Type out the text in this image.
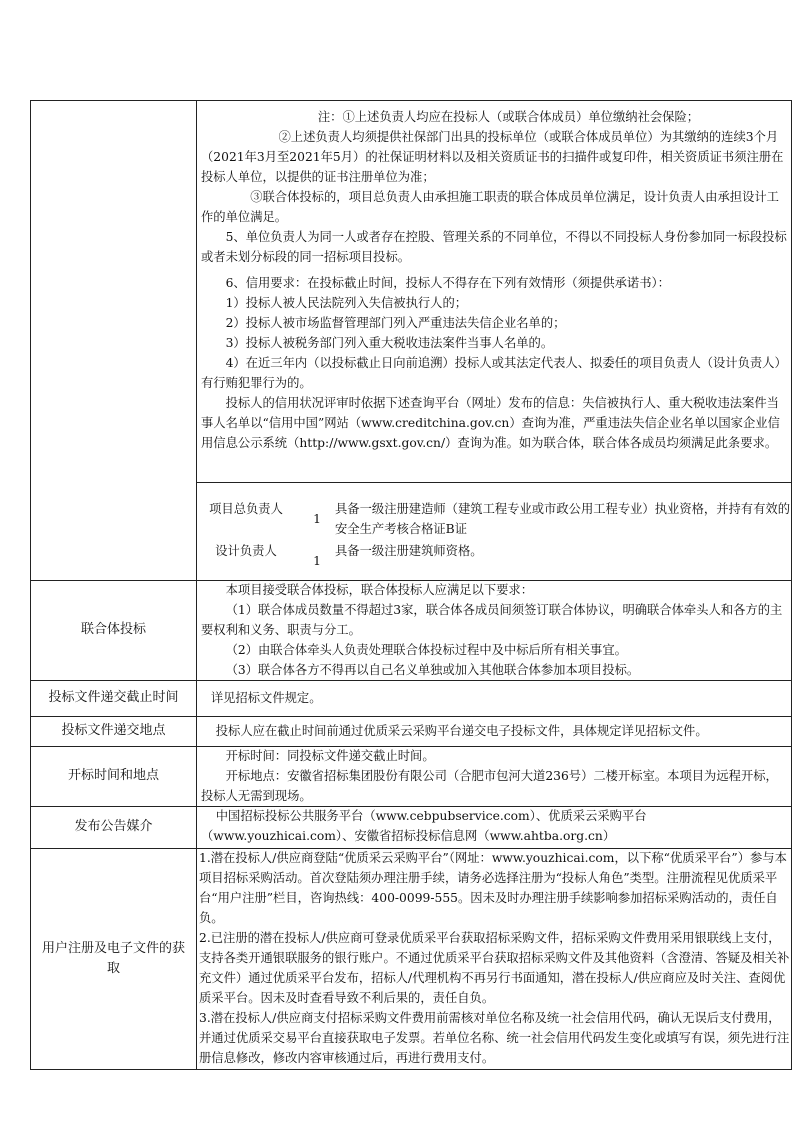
注：①上述负责人均应在投标人（或联合体成员）单位缴纳社会保险；

②上述负责人均须提供社保部门出具的投标单位（或联合体成员单位）为其缴纳的连续3个月（2021年3月至2021年5月）的社保证明材料以及相关资质证书的扫描件或复印件，相关资质证书须注册在投标人单位，以提供的证书注册单位为准；

③联合体投标的，项目总负责人由承担施工职责的联合体成员单位满足，设计负责人由承担设计工作的单位满足。

5、单位负责人为同一人或者存在控股、管理关系的不同单位，不得以不同投标人身份参加同一标段投标或者未划分标段的同一招标项目投标。

6、信用要求：在投标截止时间，投标人不得存在下列有效情形（须提供承诺书）：

1）投标人被人民法院列入失信被执行人的；

2）投标人被市场监督管理部门列入严重违法失信企业名单的；

3）投标人被税务部门列入重大税收违法案件当事人名单的。

4）在近三年内（以投标截止日向前追溯）投标人或其法定代表人、拟委任的项目负责人（设计负责人）有行贿犯罪行为的。

投标人的信用状况评审时依据下述查询平台（网址）发布的信息：失信被执行人、重大税收违法案件当事人名单以“信用中国”网站（www.creditchina.gov.cn）查询为准，严重违法失信企业名单以国家企业信用信息公示系统（http://www.gsxt.gov.cn/）查询为准。如为联合体，联合体各成员均须满足此条要求。

项目总负责人
1
具备一级注册建造师（建筑工程专业或市政公用工程专业）执业资格，并持有有效的安全生产考核合格证B证
设计负责人
1
具备一级注册建筑师资格。
联合体投标

本项目接受联合体投标，联合体投标人应满足以下要求：

（1）联合体成员数量不得超过3家，联合体各成员间须签订联合体协议，明确联合体牵头人和各方的主要权利和义务、职责与分工。

（2）由联合体牵头人负责处理联合体投标过程中及中标后所有相关事宜。

（3）联合体各方不得再以自己名义单独或加入其他联合体参加本项目投标。

投标文件递交截止时间	详见招标文件规定。

投标文件递交地点	投标人应在截止时间前通过优质采云采购平台递交电子投标文件，具体规定详见招标文件。

开标时间和地点

开标时间：同投标文件递交截止时间。

开标地点：安徽省招标集团股份有限公司（合肥市包河大道236号）二楼开标室。本项目为远程开标，投标人无需到现场。

发布公告媒介

中国招标投标公共服务平台（www.cebpubservice.com）、优质采云采购平台（www.youzhicai.com）、安徽省招标投标信息网（www.ahtba.org.cn）

用户注册及电子文件的获取

1.潜在投标人/供应商登陆“优质采云采购平台”（网址：www.youzhicai.com，以下称“优质采平台”）参与本项目招标采购活动。首次登陆须办理注册手续，请务必选择注册为“投标人角色”类型。注册流程见优质采平台“用户注册”栏目，咨询热线：400-0099-555。因未及时办理注册手续影响参加招标采购活动的，责任自负。

2.已注册的潜在投标人/供应商可登录优质采平台获取招标采购文件，招标采购文件费用采用银联线上支付，支持各类开通银联服务的银行账户。不通过优质采平台获取招标采购文件及其他资料（含澄清、答疑及相关补充文件）通过优质采平台发布，招标人/代理机构不再另行书面通知，潜在投标人/供应商应及时关注、查阅优质采平台。因未及时查看导致不利后果的，责任自负。

3.潜在投标人/供应商支付招标采购文件费用前需核对单位名称及统一社会信用代码，确认无误后支付费用，并通过优质采交易平台直接获取电子发票。若单位名称、统一社会信用代码发生变化或填写有误，须先进行注册信息修改，修改内容审核通过后，再进行费用支付。
